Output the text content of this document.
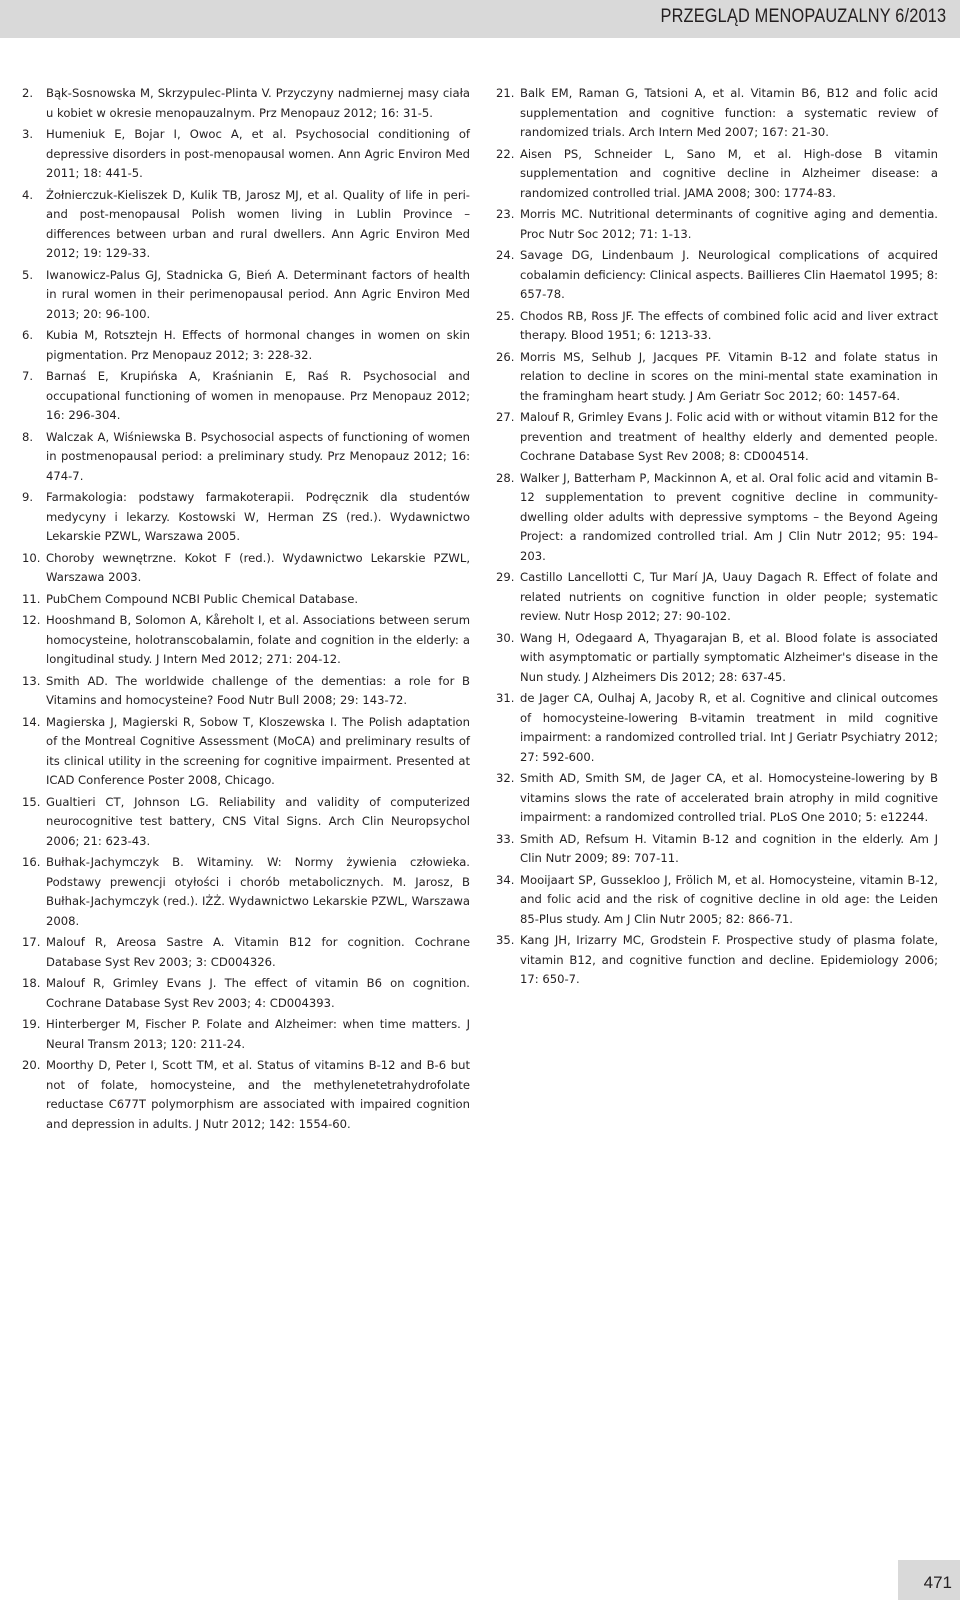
PRZEGLĄD MENOPAUZALNY 6/2013
2.	Bąk-Sosnowska M, Skrzypulec-Plinta V. Przyczyny nadmiernej masy ciała u kobiet w okresie menopauzalnym. Prz Menopauz 2012; 16: 31-5.
3.	Humeniuk E, Bojar I, Owoc A, et al. Psychosocial conditioning of depressive disorders in post-menopausal women. Ann Agric Environ Med 2011; 18: 441-5.
4.	Żołnierczuk-Kieliszek D, Kulik TB, Jarosz MJ, et al. Quality of life in peri- and post-menopausal Polish women living in Lublin Province – differences between urban and rural dwellers. Ann Agric Environ Med 2012; 19: 129-33.
5.	Iwanowicz-Palus GJ, Stadnicka G, Bień A. Determinant factors of health in rural women in their perimenopausal period. Ann Agric Environ Med 2013; 20: 96-100.
6.	Kubia M, Rotsztejn H. Effects of hormonal changes in women on skin pigmentation. Prz Menopauz 2012; 3: 228-32.
7.	Barnaś E, Krupińska A, Kraśnianin E, Raś R. Psychosocial and occupational functioning of women in menopause. Prz Menopauz 2012; 16: 296-304.
8.	Walczak A, Wiśniewska B. Psychosocial aspects of functioning of women in postmenopausal period: a preliminary study. Prz Menopauz 2012; 16: 474-7.
9.	Farmakologia: podstawy farmakoterapii. Podręcznik dla studentów medycyny i lekarzy. Kostowski W, Herman ZS (red.). Wydawnictwo Lekarskie PZWL, Warszawa 2005.
10. Choroby wewnętrzne. Kokot F (red.). Wydawnictwo Lekarskie PZWL, Warszawa 2003.
11. PubChem Compound NCBI Public Chemical Database.
12. Hooshmand B, Solomon A, Kåreholt I, et al. Associations between serum homocysteine, holotranscobalamin, folate and cognition in the elderly: a longitudinal study. J Intern Med 2012; 271: 204-12.
13. Smith AD. The worldwide challenge of the dementias: a role for B Vitamins and homocysteine? Food Nutr Bull 2008; 29: 143-72.
14. Magierska J, Magierski R, Sobow T, Kloszewska I. The Polish adaptation of the Montreal Cognitive Assessment (MoCA) and preliminary results of its clinical utility in the screening for cognitive impairment. Presented at ICAD Conference Poster 2008, Chicago.
15. Gualtieri CT, Johnson LG. Reliability and validity of computerized neurocognitive test battery, CNS Vital Signs. Arch Clin Neuropsychol 2006; 21: 623-43.
16. Bułhak-Jachymczyk B. Witaminy. W: Normy żywienia człowieka. Podstawy prewencji otyłości i chorób metabolicznych. M. Jarosz, B Bułhak-Jachymczyk (red.). IŻŻ. Wydawnictwo Lekarskie PZWL, Warszawa 2008.
17. Malouf R, Areosa Sastre A. Vitamin B12 for cognition. Cochrane Database Syst Rev 2003; 3: CD004326.
18. Malouf R, Grimley Evans J. The effect of vitamin B6 on cognition. Cochrane Database Syst Rev 2003; 4: CD004393.
19. Hinterberger M, Fischer P. Folate and Alzheimer: when time matters. J Neural Transm 2013; 120: 211-24.
20. Moorthy D, Peter I, Scott TM, et al. Status of vitamins B-12 and B-6 but not of folate, homocysteine, and the methylenetetrahydrofolate reductase C677T polymorphism are associated with impaired cognition and depression in adults. J Nutr 2012; 142: 1554-60.
21. Balk EM, Raman G, Tatsioni A, et al. Vitamin B6, B12 and folic acid supplementation and cognitive function: a systematic review of randomized trials. Arch Intern Med 2007; 167: 21-30.
22. Aisen PS, Schneider L, Sano M, et al. High-dose B vitamin supplementation and cognitive decline in Alzheimer disease: a randomized controlled trial. JAMA 2008; 300: 1774-83.
23. Morris MC. Nutritional determinants of cognitive aging and dementia. Proc Nutr Soc 2012; 71: 1-13.
24. Savage DG, Lindenbaum J. Neurological complications of acquired cobalamin deficiency: Clinical aspects. Baillieres Clin Haematol 1995; 8: 657-78.
25. Chodos RB, Ross JF. The effects of combined folic acid and liver extract therapy. Blood 1951; 6: 1213-33.
26. Morris MS, Selhub J, Jacques PF. Vitamin B-12 and folate status in relation to decline in scores on the mini-mental state examination in the framingham heart study. J Am Geriatr Soc 2012; 60: 1457-64.
27. Malouf R, Grimley Evans J. Folic acid with or without vitamin B12 for the prevention and treatment of healthy elderly and demented people. Cochrane Database Syst Rev 2008; 8: CD004514.
28. Walker J, Batterham P, Mackinnon A, et al. Oral folic acid and vitamin B-12 supplementation to prevent cognitive decline in community-dwelling older adults with depressive symptoms – the Beyond Ageing Project: a randomized controlled trial. Am J Clin Nutr 2012; 95: 194-203.
29. Castillo Lancellotti C, Tur Marí JA, Uauy Dagach R. Effect of folate and related nutrients on cognitive function in older people; systematic review. Nutr Hosp 2012; 27: 90-102.
30. Wang H, Odegaard A, Thyagarajan B, et al. Blood folate is associated with asymptomatic or partially symptomatic Alzheimer's disease in the Nun study. J Alzheimers Dis 2012; 28: 637-45.
31. de Jager CA, Oulhaj A, Jacoby R, et al. Cognitive and clinical outcomes of homocysteine-lowering B-vitamin treatment in mild cognitive impairment: a randomized controlled trial. Int J Geriatr Psychiatry 2012; 27: 592-600.
32. Smith AD, Smith SM, de Jager CA, et al. Homocysteine-lowering by B vitamins slows the rate of accelerated brain atrophy in mild cognitive impairment: a randomized controlled trial. PLoS One 2010; 5: e12244.
33. Smith AD, Refsum H. Vitamin B-12 and cognition in the elderly. Am J Clin Nutr 2009; 89: 707-11.
34. Mooijaart SP, Gussekloo J, Frölich M, et al. Homocysteine, vitamin B-12, and folic acid and the risk of cognitive decline in old age: the Leiden 85-Plus study. Am J Clin Nutr 2005; 82: 866-71.
35. Kang JH, Irizarry MC, Grodstein F. Prospective study of plasma folate, vitamin B12, and cognitive function and decline. Epidemiology 2006; 17: 650-7.
471
